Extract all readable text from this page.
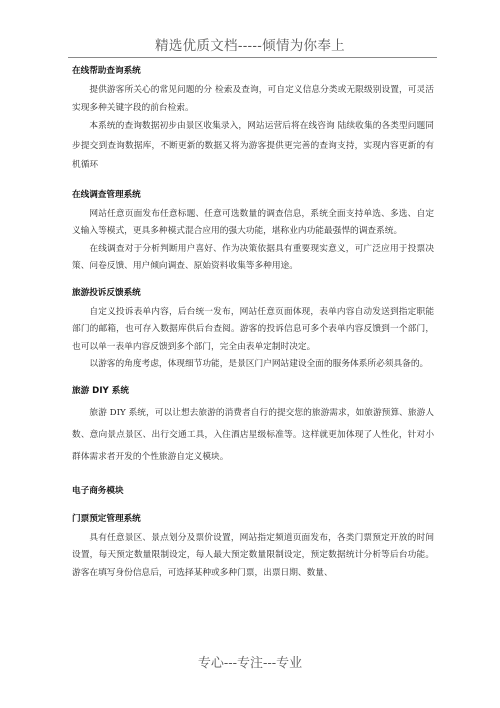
精选优质文档-----倾情为你奉上

在线帮助查询系统

提供游客所关心的常见问题的分 检索及查询，可自定义信息分类或无限级别设置，可灵活实现多种关键字段的前台检索。

本系统的查询数据初步由景区收集录入，网站运营后将在线咨询 陆续收集的各类型问题同步提交到查询数据库，不断更新的数据又将为游客提供更完善的查询支持，实现内容更新的有机循环

在线调查管理系统

网站任意页面发布任意标题、任意可选数量的调查信息，系统全面支持单选、多选、自定义输入等模式，更具多种模式混合应用的强大功能，堪称业内功能最强悍的调查系统。

在线调查对于分析判断用户喜好、作为决策依据具有重要现实意义，可广泛应用于投票决策、问卷反馈、用户倾向调查、原始资料收集等多种用途。

旅游投诉反馈系统

自定义投诉表单内容，后台统一发布，网站任意页面体现，表单内容自动发送到指定职能部门的邮箱，也可存入数据库供后台查阅。游客的投诉信息可多个表单内容反馈到一个部门，也可以单一表单内容反馈到多个部门，完全由表单定制时决定。

以游客的角度考虑，体现细节功能，是景区门户网站建设全面的服务体系所必须具备的。

旅游 DIY 系统

旅游 DIY 系统，可以让想去旅游的消费者自行的提交您的旅游需求，如旅游预算、旅游人数、意向景点景区、出行交通工具，入住酒店星级标准等。这样就更加体现了人性化，针对小群体需求者开发的个性旅游自定义模块。

电子商务模块

门票预定管理系统

具有任意景区、景点划分及票价设置，网站指定频道页面发布，各类门票预定开放的时间设置，每天预定数量限制设定，每人最大预定数量限制设定，预定数据统计分析等后台功能。游客在填写身份信息后，可选择某种或多种门票，出票日期、数量、

专心---专注---专业
